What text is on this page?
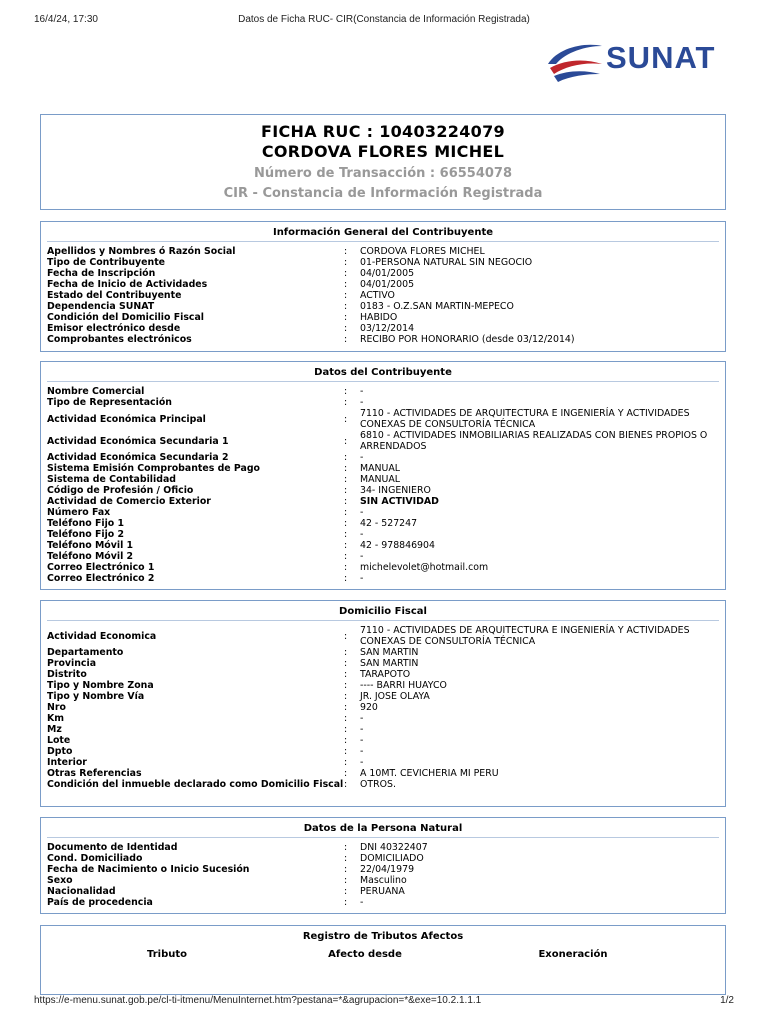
16/4/24, 17:30	Datos de Ficha RUC- CIR(Constancia de Información Registrada)
SUNAT
FICHA RUC : 10403224079
CORDOVA FLORES MICHEL
Número de Transacción : 66554078
CIR - Constancia de Información Registrada
Información General del Contribuyente
Apellidos y Nombres ó Razón Social	:	CORDOVA FLORES MICHEL
Tipo de Contribuyente	:	01-PERSONA NATURAL SIN NEGOCIO
Fecha de Inscripción	:	04/01/2005
Fecha de Inicio de Actividades	:	04/01/2005
Estado del Contribuyente	:	ACTIVO
Dependencia SUNAT	:	0183 - O.Z.SAN MARTIN-MEPECO
Condición del Domicilio Fiscal	:	HABIDO
Emisor electrónico desde	:	03/12/2014
Comprobantes electrónicos	:	RECIBO POR HONORARIO (desde 03/12/2014)
Datos del Contribuyente
Nombre Comercial	:	-
Tipo de Representación	:	-
Actividad Económica Principal	:	7110 - ACTIVIDADES DE ARQUITECTURA E INGENIERÍA Y ACTIVIDADES CONEXAS DE CONSULTORÍA TÉCNICA
Actividad Económica Secundaria 1	:	6810 - ACTIVIDADES INMOBILIARIAS REALIZADAS CON BIENES PROPIOS O ARRENDADOS
Actividad Económica Secundaria 2	:	-
Sistema Emisión Comprobantes de Pago	:	MANUAL
Sistema de Contabilidad	:	MANUAL
Código de Profesión / Oficio	:	34- INGENIERO
Actividad de Comercio Exterior	:	SIN ACTIVIDAD
Número Fax	:	-
Teléfono Fijo 1	:	42 - 527247
Teléfono Fijo 2	:	-
Teléfono Móvil 1	:	42 - 978846904
Teléfono Móvil 2	:	-
Correo Electrónico 1	:	michelevolet@hotmail.com
Correo Electrónico 2	:	-
Domicilio Fiscal
Actividad Economica	:	7110 - ACTIVIDADES DE ARQUITECTURA E INGENIERÍA Y ACTIVIDADES CONEXAS DE CONSULTORÍA TÉCNICA
Departamento	:	SAN MARTIN
Provincia	:	SAN MARTIN
Distrito	:	TARAPOTO
Tipo y Nombre Zona	:	---- BARRI HUAYCO
Tipo y Nombre Vía	:	JR. JOSE OLAYA
Nro	:	920
Km	:	-
Mz	:	-
Lote	:	-
Dpto	:	-
Interior	:	-
Otras Referencias	:	A 10MT. CEVICHERIA MI PERU
Condición del inmueble declarado como Domicilio Fiscal :	OTROS.
Datos de la Persona Natural
Documento de Identidad	:	DNI 40322407
Cond. Domiciliado	:	DOMICILIADO
Fecha de Nacimiento o Inicio Sucesión	:	22/04/1979
Sexo	:	Masculino
Nacionalidad	:	PERUANA
País de procedencia	:	-
Registro de Tributos Afectos
Tributo	Afecto desde	Exoneración
https://e-menu.sunat.gob.pe/cl-ti-itmenu/MenuInternet.htm?pestana=*&agrupacion=*&exe=10.2.1.1.1	1/2
